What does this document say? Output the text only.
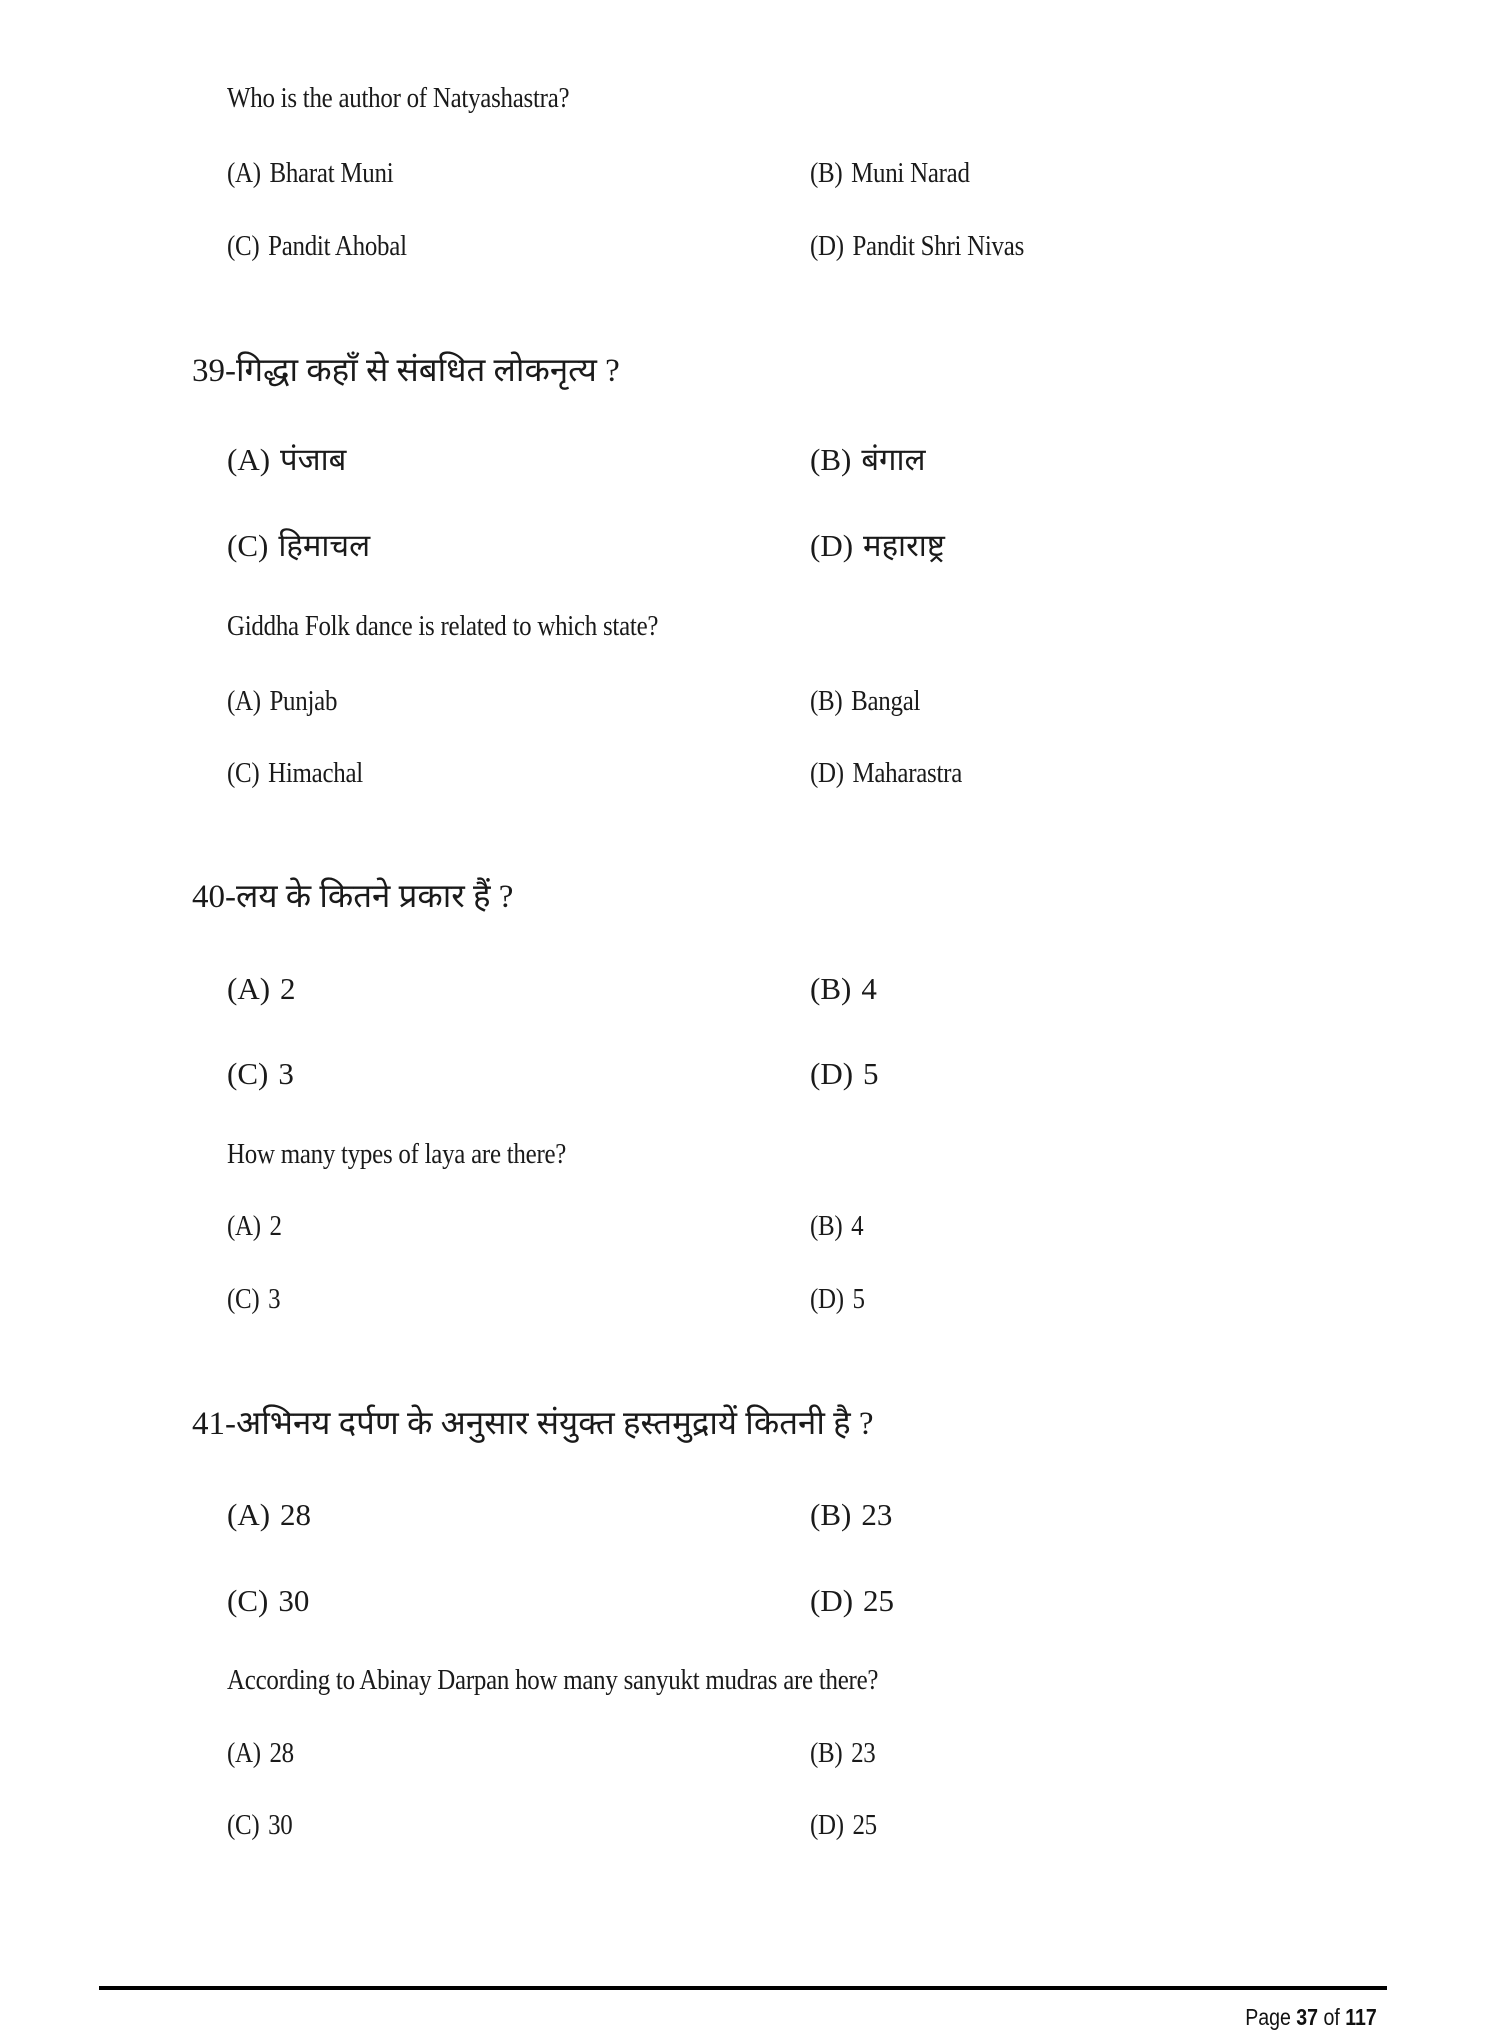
Who is the author of Natyashastra?
(A) Bharat Muni	(B) Muni Narad
(C) Pandit Ahobal	(D) Pandit Shri Nivas
39-गिद्धा कहाँ से संबधित लोकनृत्य ?
(A) पंजाब	(B) बंगाल
(C) हिमाचल	(D) महाराष्ट्र
Giddha Folk dance is related to which state?
(A) Punjab	(B) Bangal
(C) Himachal	(D) Maharastra
40-लय के कितने प्रकार हैं ?
(A) 2	(B) 4
(C) 3	(D) 5
How many types of laya are there?
(A) 2	(B) 4
(C) 3	(D) 5
41-अभिनय दर्पण के अनुसार संयुक्त हस्तमुद्रायें कितनी है ?
(A) 28	(B) 23
(C) 30	(D) 25
According to Abinay Darpan how many sanyukt mudras are there?
(A) 28	(B) 23
(C) 30	(D) 25
Page 37 of 117
